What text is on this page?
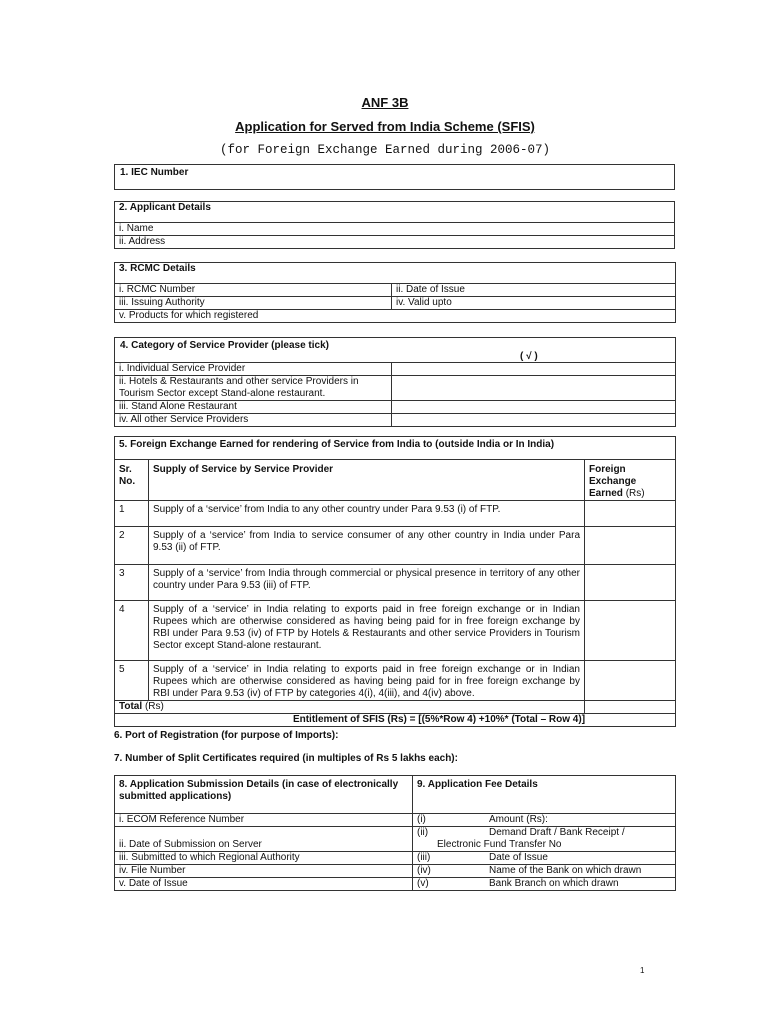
ANF 3B
Application for Served from India Scheme (SFIS)
(for Foreign Exchange Earned during 2006-07)
1. IEC Number
2. Applicant Details
i. Name
ii. Address
3. RCMC Details	
i. RCMC Number	ii. Date of Issue
iii. Issuing Authority	iv. Valid upto
v. Products for which registered	
4. Category of Service Provider (please tick)
( √ )	

i. Individual Service Provider	
ii. Hotels & Restaurants and other service Providers in Tourism Sector except Stand-alone restaurant.	
iii. Stand Alone Restaurant	
iv. All other Service Providers	
5. Foreign Exchange Earned for rendering of Service from India to (outside India or In India)		
Sr. No.	Supply of Service by Service Provider	Foreign Exchange Earned (Rs)
1	Supply of a ‘service’ from India to any other country under Para 9.53 (i) of FTP.	
2	Supply of a ‘service’ from India to service consumer of any other country in India under Para 9.53 (ii) of FTP.	
3	Supply of a ‘service’ from India through commercial or physical presence in territory of any other country under Para 9.53 (iii) of FTP.	
4	Supply of a ‘service’ in India relating to exports paid in free foreign exchange or in Indian Rupees which are otherwise considered as having being paid for in free foreign exchange by RBI under Para 9.53 (iv) of FTP by Hotels & Restaurants and other service Providers in Tourism Sector except Stand-alone restaurant.	
5	Supply of a ‘service’ in India relating to exports paid in free foreign exchange or in Indian Rupees which are otherwise considered as having being paid for in free foreign exchange by RBI under Para 9.53 (iv) of FTP by categories 4(i), 4(iii), and 4(iv) above.	
Total (Rs)		
Entitlement of SFIS (Rs) = [(5%*Row 4) +10%* (Total – Row 4)]		
6. Port of Registration (for purpose of Imports):
7. Number of Split Certificates required (in multiples of Rs 5 lakhs each):
8. Application Submission Details (in case of electronically submitted applications)	9. Application Fee Details
i. ECOM Reference Number	(i) Amount (Rs):
ii. Date of Submission on Server	(ii) Demand Draft / Bank Receipt /
Electronic Fund Transfer No
iii. Submitted to which Regional Authority	(iii) Date of Issue
iv. File Number	(iv) Name of the Bank on which drawn
v. Date of Issue	(v) Bank Branch on which drawn
1
